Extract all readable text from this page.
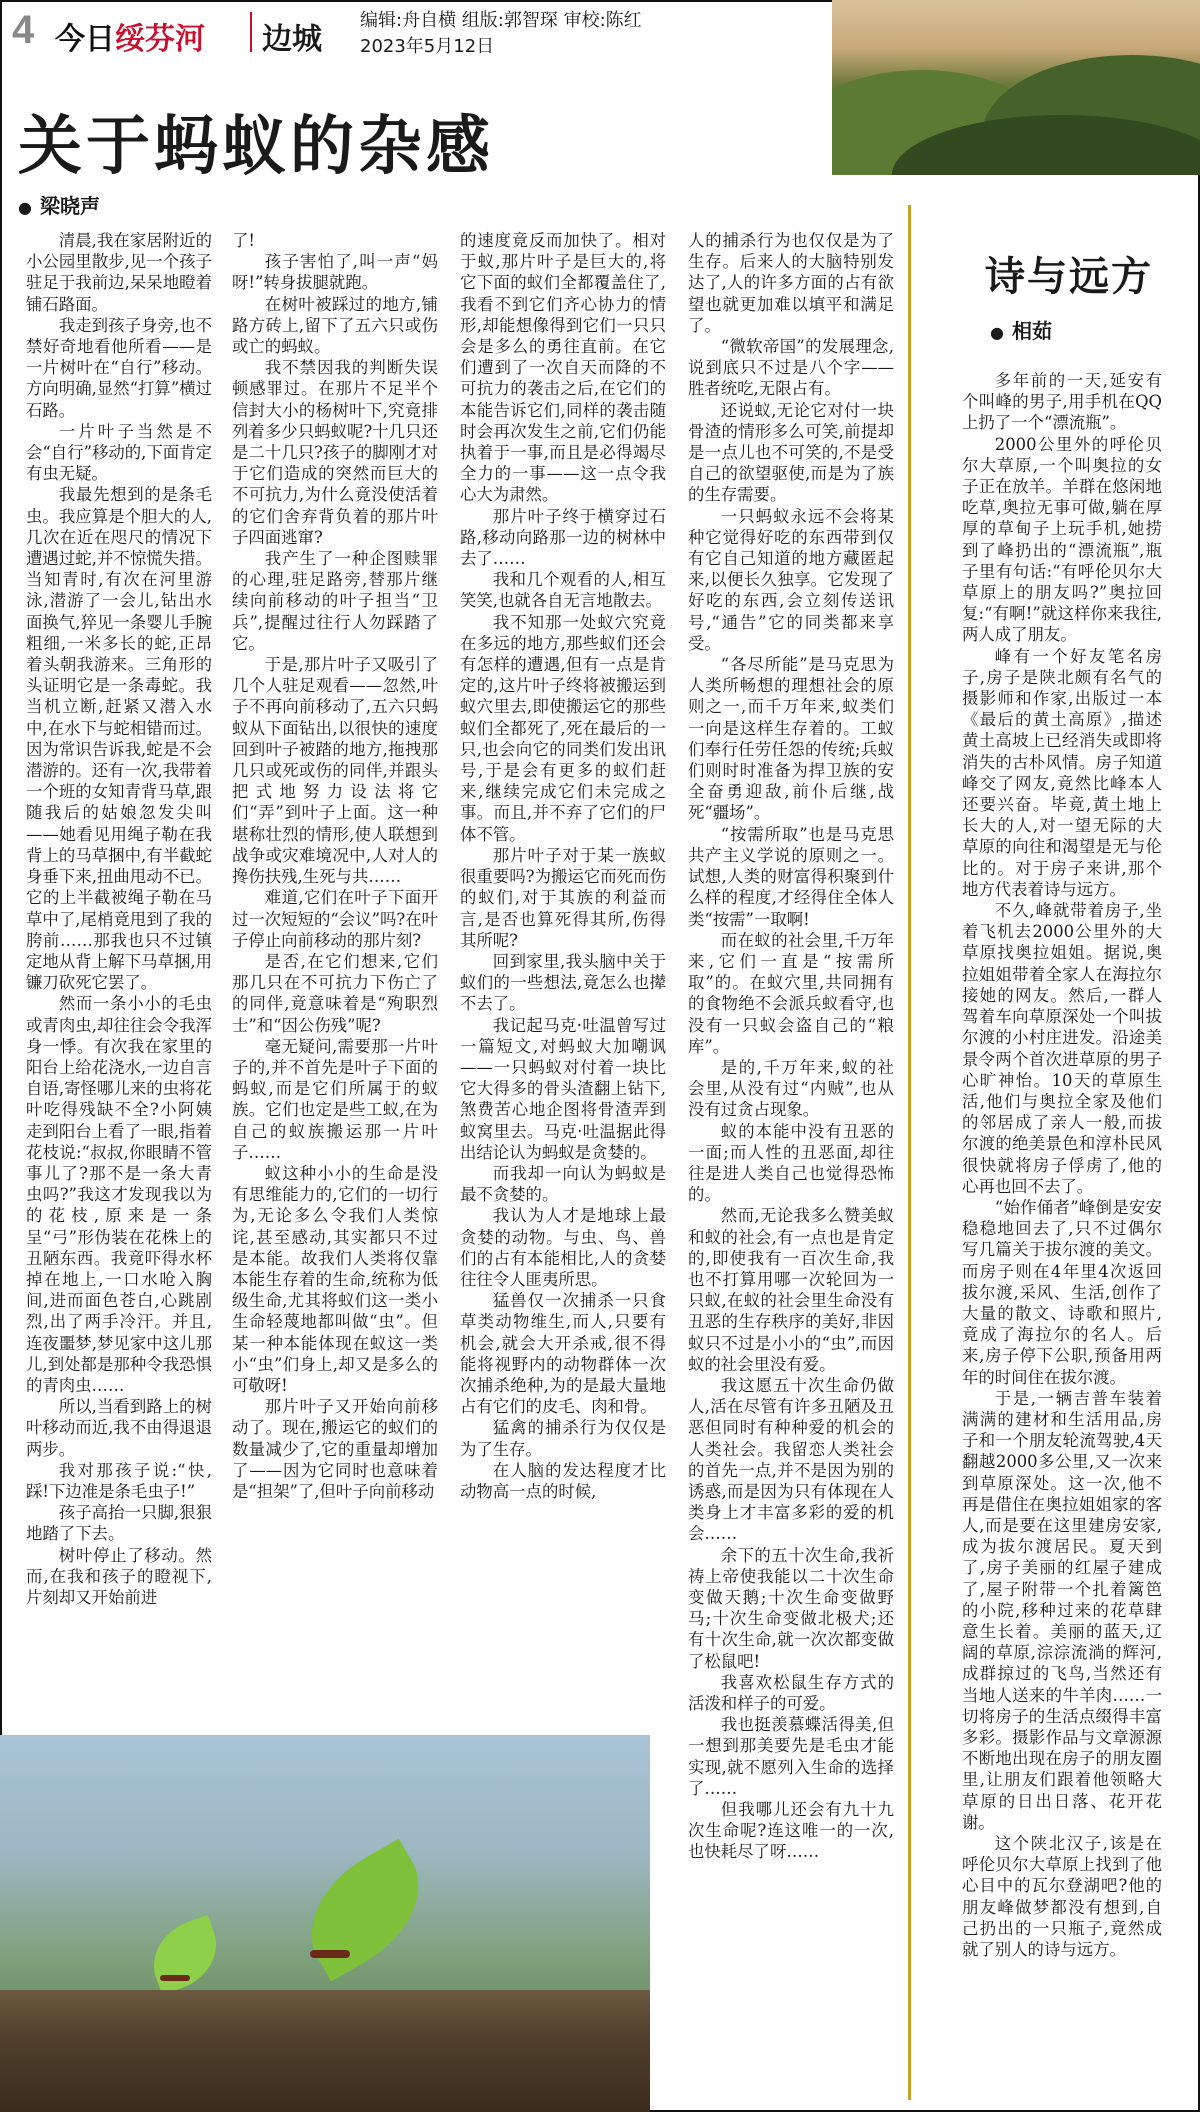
4 今日绥芬河 边城
编辑:舟自横 组版:郭智琛 审校:陈红
2023年5月12日
关于蚂蚁的杂感
● 梁晓声

清晨,我在家居附近的小公园里散步,见一个孩子驻足于我前边,呆呆地瞪着铺石路面。

我走到孩子身旁,也不禁好奇地看他所看——是一片树叶在“自行”移动。方向明确,显然“打算”横过石路。

一片叶子当然是不会“自行”移动的,下面肯定有虫无疑。

我最先想到的是条毛虫。我应算是个胆大的人,几次在近在咫尺的情况下遭遇过蛇,并不惊慌失措。当知青时,有次在河里游泳,潜游了一会儿,钻出水面换气,猝见一条婴儿手腕粗细,一米多长的蛇,正昂着头朝我游来。三角形的头证明它是一条毒蛇。我当机立断,赶紧又潜入水中,在水下与蛇相错而过。因为常识告诉我,蛇是不会潜游的。还有一次,我带着一个班的女知青背马草,跟随我后的姑娘忽发尖叫——她看见用绳子勒在我背上的马草捆中,有半截蛇身垂下来,扭曲甩动不已。它的上半截被绳子勒在马草中了,尾梢竟甩到了我的胯前……那我也只不过镇定地从背上解下马草捆,用镰刀砍死它罢了。

然而一条小小的毛虫或青肉虫,却往往会令我浑身一悸。有次我在家里的阳台上给花浇水,一边自言自语,寄怪哪儿来的虫将花叶吃得残缺不全?小阿姨走到阳台上看了一眼,指着花枝说:“叔叔,你眼睛不管事儿了?那不是一条大青虫吗?”我这才发现我以为的花枝,原来是一条呈“弓”形伪装在花株上的丑陋东西。我竟吓得水杯掉在地上,一口水呛入胸间,进而面色苍白,心跳剧烈,出了两手冷汗。并且,连夜噩梦,梦见家中这儿那儿,到处都是那种令我恐惧的青肉虫……

所以,当看到路上的树叶移动而近,我不由得退退两步。

我对那孩子说:“快,踩!下边准是条毛虫子!”

孩子高抬一只脚,狠狠地踏了下去。

树叶停止了移动。然而,在我和孩子的瞪视下,片刻却又开始前进

了!

孩子害怕了,叫一声“妈呀!”转身拔腿就跑。

在树叶被踩过的地方,铺路方砖上,留下了五六只或伤或亡的蚂蚁。

我不禁因我的判断失误顿感罪过。在那片不足半个信封大小的杨树叶下,究竟排列着多少只蚂蚁呢?十几只还是二十几只?孩子的脚刚才对于它们造成的突然而巨大的不可抗力,为什么竟没使活着的它们舍弃背负着的那片叶子四面逃窜?

我产生了一种企图赎罪的心理,驻足路旁,替那片继续向前移动的叶子担当“卫兵”,提醒过往行人勿踩踏了它。

于是,那片叶子又吸引了几个人驻足观看——忽然,叶子不再向前移动了,五六只蚂蚁从下面钻出,以很快的速度回到叶子被踏的地方,拖拽那几只或死或伤的同伴,并跟头把式地努力设法将它们“弄”到叶子上面。这一种堪称壮烈的情形,使人联想到战争或灾难境况中,人对人的搀伤扶残,生死与共……

难道,它们在叶子下面开过一次短短的“会议”吗?在叶子停止向前移动的那片刻?

是否,在它们想来,它们那几只在不可抗力下伤亡了的同伴,竟意味着是“殉职烈士”和“因公伤残”呢?

毫无疑问,需要那一片叶子的,并不首先是叶子下面的蚂蚁,而是它们所属于的蚁族。它们也定是些工蚁,在为自己的蚁族搬运那一片叶子……

蚁这种小小的生命是没有思维能力的,它们的一切行为,无论多么令我们人类惊诧,甚至感动,其实都只不过是本能。故我们人类将仅靠本能生存着的生命,统称为低级生命,尤其将蚁们这一类小生命轻蔑地都叫做“虫”。但某一种本能体现在蚁这一类小“虫”们身上,却又是多么的可敬呀!

那片叶子又开始向前移动了。现在,搬运它的蚁们的数量减少了,它的重量却增加了——因为它同时也意味着是“担架”了,但叶子向前移动

的速度竟反而加快了。相对于蚁,那片叶子是巨大的,将它下面的蚁们全都覆盖住了,我看不到它们齐心协力的情形,却能想像得到它们一只只会是多么的勇往直前。在它们遭到了一次自天而降的不可抗力的袭击之后,在它们的本能告诉它们,同样的袭击随时会再次发生之前,它们仍能执着于一事,而且是必得竭尽全力的一事——这一点令我心大为肃然。

那片叶子终于横穿过石路,移动向路那一边的树林中去了……

我和几个观看的人,相互笑笑,也就各自无言地散去。

我不知那一处蚁穴究竟在多远的地方,那些蚁们还会有怎样的遭遇,但有一点是肯定的,这片叶子终将被搬运到蚁穴里去,即使搬运它的那些蚁们全都死了,死在最后的一只,也会向它的同类们发出讯号,于是会有更多的蚁们赶来,继续完成它们未完成之事。而且,并不弃了它们的尸体不管。

那片叶子对于某一族蚁很重要吗?为搬运它而死而伤的蚁们,对于其族的利益而言,是否也算死得其所,伤得其所呢?

回到家里,我头脑中关于蚁们的一些想法,竟怎么也撵不去了。

我记起马克·吐温曾写过一篇短文,对蚂蚁大加嘲讽——一只蚂蚁对付着一块比它大得多的骨头渣翻上钻下,煞费苦心地企图将骨渣弄到蚁窝里去。马克·吐温据此得出结论认为蚂蚁是贪婪的。

而我却一向认为蚂蚁是最不贪婪的。

我认为人才是地球上最贪婪的动物。与虫、鸟、兽们的占有本能相比,人的贪婪往往令人匪夷所思。

猛兽仅一次捕杀一只食草类动物维生,而人,只要有机会,就会大开杀戒,很不得能将视野内的动物群体一次次捕杀绝种,为的是最大量地占有它们的皮毛、肉和骨。

猛禽的捕杀行为仅仅是为了生存。

在人脑的发达程度才比动物高一点的时候,

人的捕杀行为也仅仅是为了生存。后来人的大脑特别发达了,人的许多方面的占有欲望也就更加难以填平和满足了。

“微软帝国”的发展理念,说到底只不过是八个字——胜者统吃,无限占有。

还说蚁,无论它对付一块骨渣的情形多么可笑,前提却是一点儿也不可笑的,不是受自己的欲望驱使,而是为了族的生存需要。

一只蚂蚁永远不会将某种它觉得好吃的东西带到仅有它自己知道的地方藏匿起来,以便长久独享。它发现了好吃的东西,会立刻传送讯号,“通告”它的同类都来享受。

“各尽所能”是马克思为人类所畅想的理想社会的原则之一,而千万年来,蚁类们一向是这样生存着的。工蚁们奉行任劳任怨的传统;兵蚁们则时时准备为捍卫族的安全奋勇迎敌,前仆后继,战死“疆场”。

“按需所取”也是马克思共产主义学说的原则之一。试想,人类的财富得积聚到什么样的程度,才经得住全体人类“按需”一取啊!

而在蚁的社会里,千万年来,它们一直是“按需所取”的。在蚁穴里,共同拥有的食物绝不会派兵蚁看守,也没有一只蚁会盗自己的“粮库”。

是的,千万年来,蚁的社会里,从没有过“内贼”,也从没有过贪占现象。

蚁的本能中没有丑恶的一面;而人性的丑恶面,却往往是进人类自己也觉得恐怖的。

然而,无论我多么赞美蚁和蚁的社会,有一点也是肯定的,即使我有一百次生命,我也不打算用哪一次轮回为一只蚁,在蚁的社会里生命没有丑恶的生存秩序的美好,非因蚁只不过是小小的“虫”,而因蚁的社会里没有爱。

我这愿五十次生命仍做人,活在尽管有许多丑陋及丑恶但同时有种种爱的机会的人类社会。我留恋人类社会的首先一点,并不是因为别的诱惑,而是因为只有体现在人类身上才丰富多彩的爱的机会……

余下的五十次生命,我祈祷上帝使我能以二十次生命变做天鹅;十次生命变做野马;十次生命变做北极犬;还有十次生命,就一次次都变做了松鼠吧!

我喜欢松鼠生存方式的活泼和样子的可爱。

我也挺羡慕蝶活得美,但一想到那美要先是毛虫才能实现,就不愿列入生命的选择了……

但我哪儿还会有九十九次生命呢?连这唯一的一次,也快耗尽了呀……

诗与远方
● 相茹

多年前的一天,延安有个叫峰的男子,用手机在QQ上扔了一个“漂流瓶”。

2000公里外的呼伦贝尔大草原,一个叫奥拉的女子正在放羊。羊群在悠闲地吃草,奥拉无事可做,躺在厚厚的草甸子上玩手机,她捞到了峰扔出的“漂流瓶”,瓶子里有句话:“有呼伦贝尔大草原上的朋友吗?”奥拉回复:“有啊!”就这样你来我往,两人成了朋友。

峰有一个好友笔名房子,房子是陕北颇有名气的摄影师和作家,出版过一本《最后的黄土高原》,描述黄土高坡上已经消失或即将消失的古朴风情。房子知道峰交了网友,竟然比峰本人还要兴奋。毕竟,黄土地上长大的人,对一望无际的大草原的向往和渴望是无与伦比的。对于房子来讲,那个地方代表着诗与远方。

不久,峰就带着房子,坐着飞机去2000公里外的大草原找奥拉姐姐。据说,奥拉姐姐带着全家人在海拉尔接她的网友。然后,一群人驾着车向草原深处一个叫拔尔渡的小村庄进发。沿途美景令两个首次进草原的男子心旷神怡。10天的草原生活,他们与奥拉全家及他们的邻居成了亲人一般,而拔尔渡的绝美景色和淳朴民风很快就将房子俘虏了,他的心再也回不去了。

“始作俑者”峰倒是安安稳稳地回去了,只不过偶尔写几篇关于拔尔渡的美文。而房子则在4年里4次返回拔尔渡,采风、生活,创作了大量的散文、诗歌和照片,竟成了海拉尔的名人。后来,房子停下公职,预备用两年的时间住在拔尔渡。

于是,一辆吉普车装着满满的建材和生活用品,房子和一个朋友轮流驾驶,4天翻越2000多公里,又一次来到草原深处。这一次,他不再是借住在奥拉姐姐家的客人,而是要在这里建房安家,成为拔尔渡居民。夏天到了,房子美丽的红屋子建成了,屋子附带一个扎着篱笆的小院,移种过来的花草肆意生长着。美丽的蓝天,辽阔的草原,淙淙流淌的辉河,成群掠过的飞鸟,当然还有当地人送来的牛羊肉……一切将房子的生活点缀得丰富多彩。摄影作品与文章源源不断地出现在房子的朋友圈里,让朋友们跟着他领略大草原的日出日落、花开花谢。

这个陕北汉子,该是在呼伦贝尔大草原上找到了他心目中的瓦尔登湖吧?他的朋友峰做梦都没有想到,自己扔出的一只瓶子,竟然成就了别人的诗与远方。
